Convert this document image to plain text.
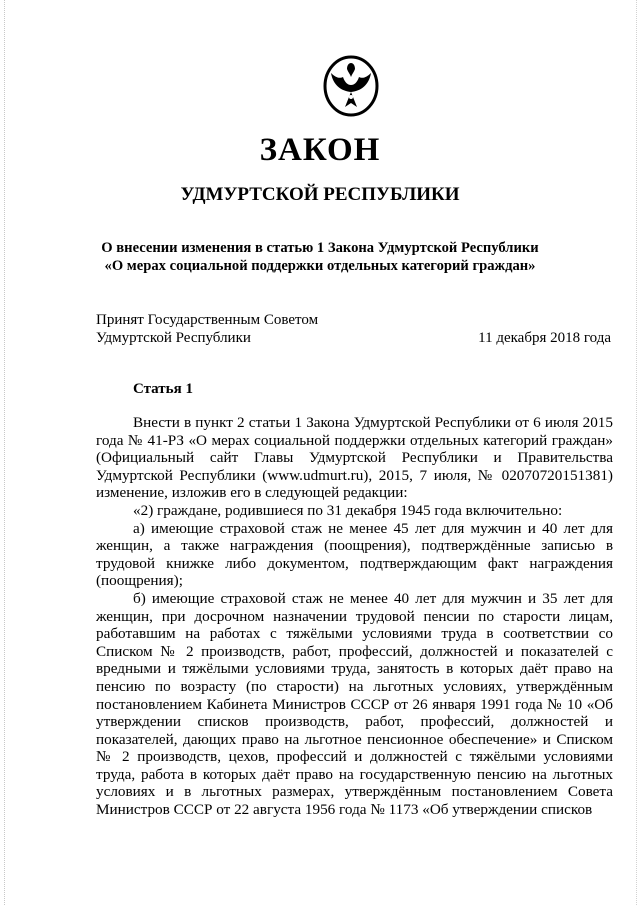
ЗАКОН
УДМУРТСКОЙ РЕСПУБЛИКИ
О внесении изменения в статью 1 Закона Удмуртской Республики
«О мерах социальной поддержки отдельных категорий граждан»
Принят Государственным Советом
Удмуртской Республики	11 декабря 2018 года
Статья 1

Внести в пункт 2 статьи 1 Закона Удмуртской Республики от 6 июля 2015 года № 41-РЗ «О мерах социальной поддержки отдельных категорий граждан» (Официальный сайт Главы Удмуртской Республики и Правительства Удмуртской Республики (www.udmurt.ru), 2015, 7 июля, № 02070720151381) изменение, изложив его в следующей редакции:

«2) граждане, родившиеся по 31 декабря 1945 года включительно:

а) имеющие страховой стаж не менее 45 лет для мужчин и 40 лет для женщин, а также награждения (поощрения), подтверждённые записью в трудовой книжке либо документом, подтверждающим факт награждения (поощрения);

б) имеющие страховой стаж не менее 40 лет для мужчин и 35 лет для женщин, при досрочном назначении трудовой пенсии по старости лицам, работавшим на работах с тяжёлыми условиями труда в соответствии со Списком № 2 производств, работ, профессий, должностей и показателей с вредными и тяжёлыми условиями труда, занятость в которых даёт право на пенсию по возрасту (по старости) на льготных условиях, утверждённым постановлением Кабинета Министров СССР от 26 января 1991 года № 10 «Об утверждении списков производств, работ, профессий, должностей и показателей, дающих право на льготное пенсионное обеспечение» и Списком № 2 производств, цехов, профессий и должностей с тяжёлыми условиями труда, работа в которых даёт право на государственную пенсию на льготных условиях и в льготных размерах, утверждённым постановлением Совета Министров СССР от 22 августа 1956 года № 1173 «Об утверждении списков
